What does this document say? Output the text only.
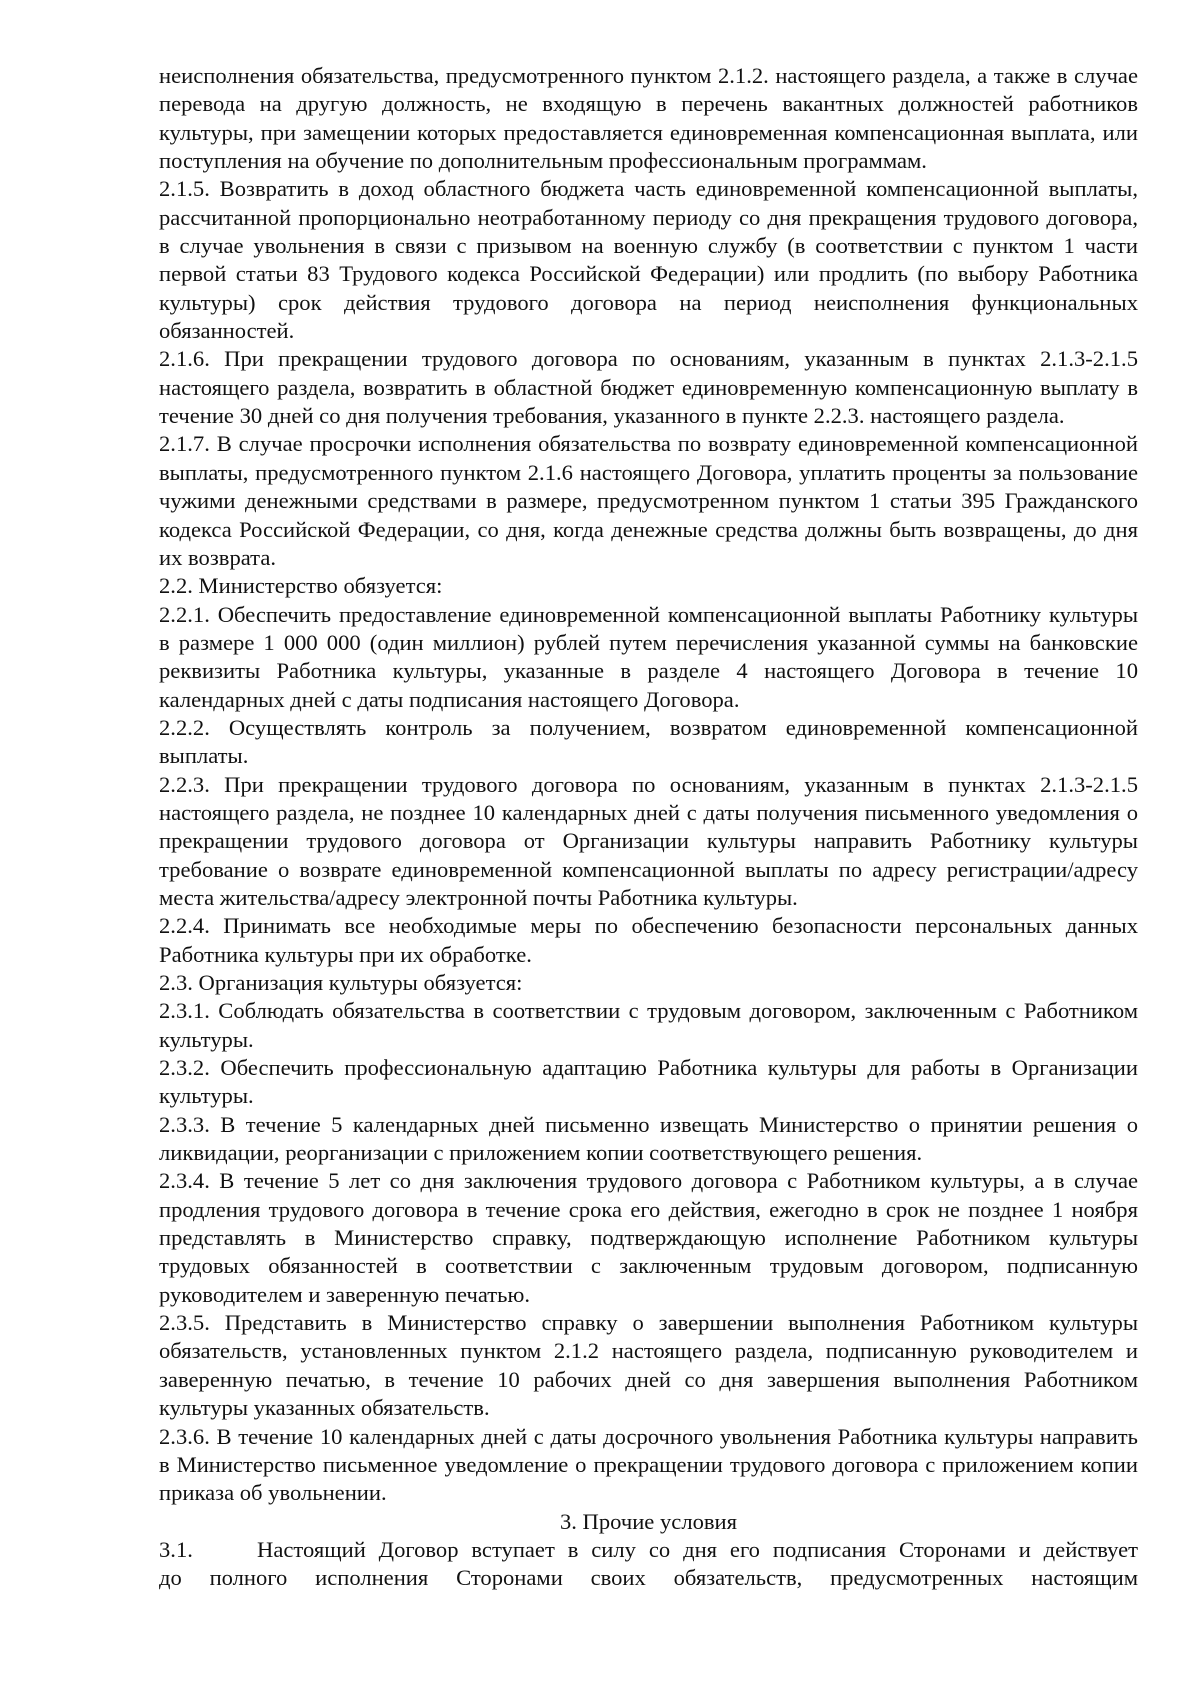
неисполнения обязательства, предусмотренного пунктом 2.1.2. настоящего раздела, а также в случае перевода на другую должность, не входящую в перечень вакантных должностей работников культуры, при замещении которых предоставляется единовременная компенсационная выплата, или поступления на обучение по дополнительным профессиональным программам.

2.1.5. Возвратить в доход областного бюджета часть единовременной компенсационной выплаты, рассчитанной пропорционально неотработанному периоду со дня прекращения трудового договора, в случае увольнения в связи с призывом на военную службу (в соответствии с пунктом 1 части первой статьи 83 Трудового кодекса Российской Федерации) или продлить (по выбору Работника культуры) срок действия трудового договора на период неисполнения функциональных обязанностей.

2.1.6. При прекращении трудового договора по основаниям, указанным в пунктах 2.1.3-2.1.5 настоящего раздела, возвратить в областной бюджет единовременную компенсационную выплату в течение 30 дней со дня получения требования, указанного в пункте 2.2.3. настоящего раздела.

2.1.7. В случае просрочки исполнения обязательства по возврату единовременной компенсационной выплаты, предусмотренного пунктом 2.1.6 настоящего Договора, уплатить проценты за пользование чужими денежными средствами в размере, предусмотренном пунктом 1 статьи 395 Гражданского кодекса Российской Федерации, со дня, когда денежные средства должны быть возвращены, до дня их возврата.

2.2. Министерство обязуется:

2.2.1. Обеспечить предоставление единовременной компенсационной выплаты Работнику культуры в размере 1 000 000 (один миллион) рублей путем перечисления указанной суммы на банковские реквизиты Работника культуры, указанные в разделе 4 настоящего Договора в течение 10 календарных дней с даты подписания настоящего Договора.

2.2.2. Осуществлять контроль за получением, возвратом единовременной компенсационной выплаты.

2.2.3. При прекращении трудового договора по основаниям, указанным в пунктах 2.1.3-2.1.5 настоящего раздела, не позднее 10 календарных дней с даты получения письменного уведомления о прекращении трудового договора от Организации культуры направить Работнику культуры требование о возврате единовременной компенсационной выплаты по адресу регистрации/адресу места жительства/адресу электронной почты Работника культуры.

2.2.4. Принимать все необходимые меры по обеспечению безопасности персональных данных Работника культуры при их обработке.

2.3. Организация культуры обязуется:

2.3.1. Соблюдать обязательства в соответствии с трудовым договором, заключенным с Работником культуры.

2.3.2. Обеспечить профессиональную адаптацию Работника культуры для работы в Организации культуры.

2.3.3. В течение 5 календарных дней письменно извещать Министерство о принятии решения о ликвидации, реорганизации с приложением копии соответствующего решения.

2.3.4. В течение 5 лет со дня заключения трудового договора с Работником культуры, а в случае продления трудового договора в течение срока его действия, ежегодно в срок не позднее 1 ноября представлять в Министерство справку, подтверждающую исполнение Работником культуры трудовых обязанностей в соответствии с заключенным трудовым договором, подписанную руководителем и заверенную печатью.

2.3.5. Представить в Министерство справку о завершении выполнения Работником культуры обязательств, установленных пунктом 2.1.2 настоящего раздела, подписанную руководителем и заверенную печатью, в течение 10 рабочих дней со дня завершения выполнения Работником культуры указанных обязательств.

2.3.6. В течение 10 календарных дней с даты досрочного увольнения Работника культуры направить в Министерство письменное уведомление о прекращении трудового договора с приложением копии приказа об увольнении.

3. Прочие условия

3.1.	Настоящий Договор вступает в силу со дня его подписания Сторонами и действует

до полного исполнения Сторонами своих обязательств, предусмотренных настоящим
